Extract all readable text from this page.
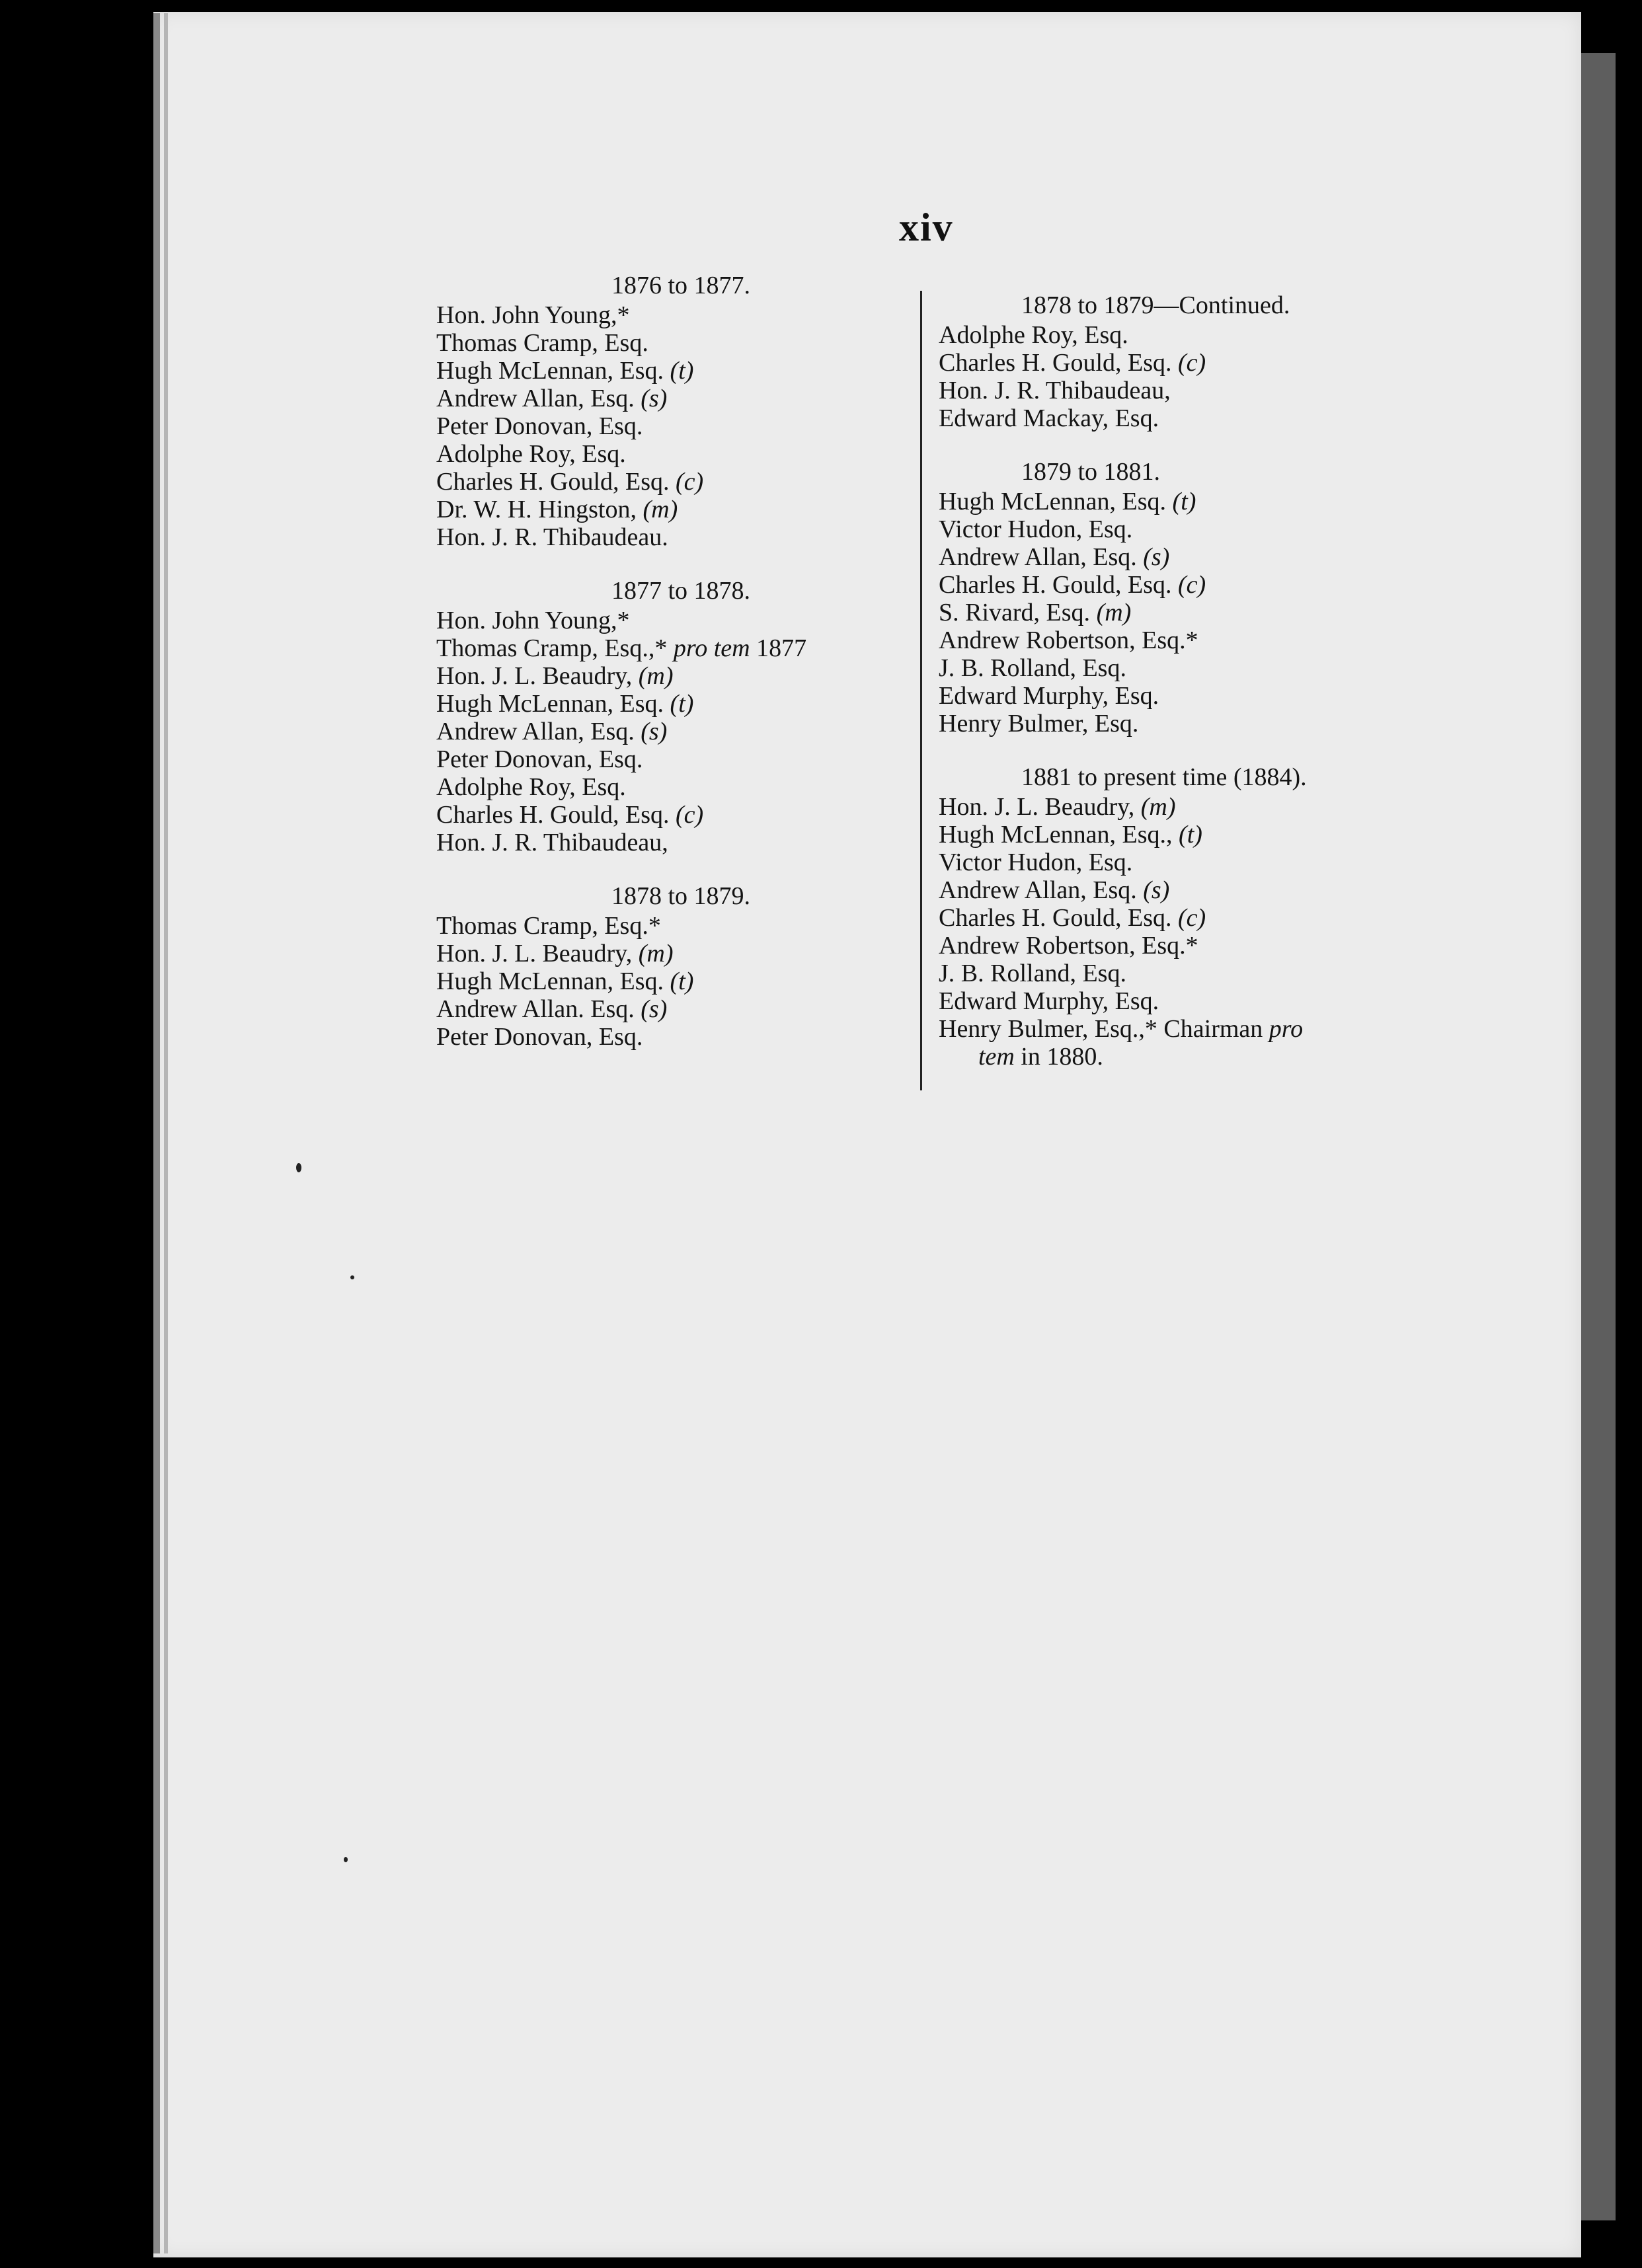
xiv
1876 to 1877.
Hon. John Young,*
Thomas Cramp, Esq.
Hugh McLennan, Esq. (t)
Andrew Allan, Esq. (s)
Peter Donovan, Esq.
Adolphe Roy, Esq.
Charles H. Gould, Esq. (c)
Dr. W. H. Hingston, (m)
Hon. J. R. Thibaudeau.
1877 to 1878.
Hon. John Young,*
Thomas Cramp, Esq.,* pro tem 1877
Hon. J. L. Beaudry, (m)
Hugh McLennan, Esq. (t)
Andrew Allan, Esq. (s)
Peter Donovan, Esq.
Adolphe Roy, Esq.
Charles H. Gould, Esq. (c)
Hon. J. R. Thibaudeau,
1878 to 1879.
Thomas Cramp, Esq.*
Hon. J. L. Beaudry, (m)
Hugh McLennan, Esq. (t)
Andrew Allan. Esq. (s)
Peter Donovan, Esq.
1878 to 1879—Continued.
Adolphe Roy, Esq.
Charles H. Gould, Esq. (c)
Hon. J. R. Thibaudeau,
Edward Mackay, Esq.
1879 to 1881.
Hugh McLennan, Esq. (t)
Victor Hudon, Esq.
Andrew Allan, Esq. (s)
Charles H. Gould, Esq. (c)
S. Rivard, Esq. (m)
Andrew Robertson, Esq.*
J. B. Rolland, Esq.
Edward Murphy, Esq.
Henry Bulmer, Esq.
1881 to present time (1884).
Hon. J. L. Beaudry, (m)
Hugh McLennan, Esq., (t)
Victor Hudon, Esq.
Andrew Allan, Esq. (s)
Charles H. Gould, Esq. (c)
Andrew Robertson, Esq.*
J. B. Rolland, Esq.
Edward Murphy, Esq.
Henry Bulmer, Esq.,* Chairman pro
tem in 1880.
